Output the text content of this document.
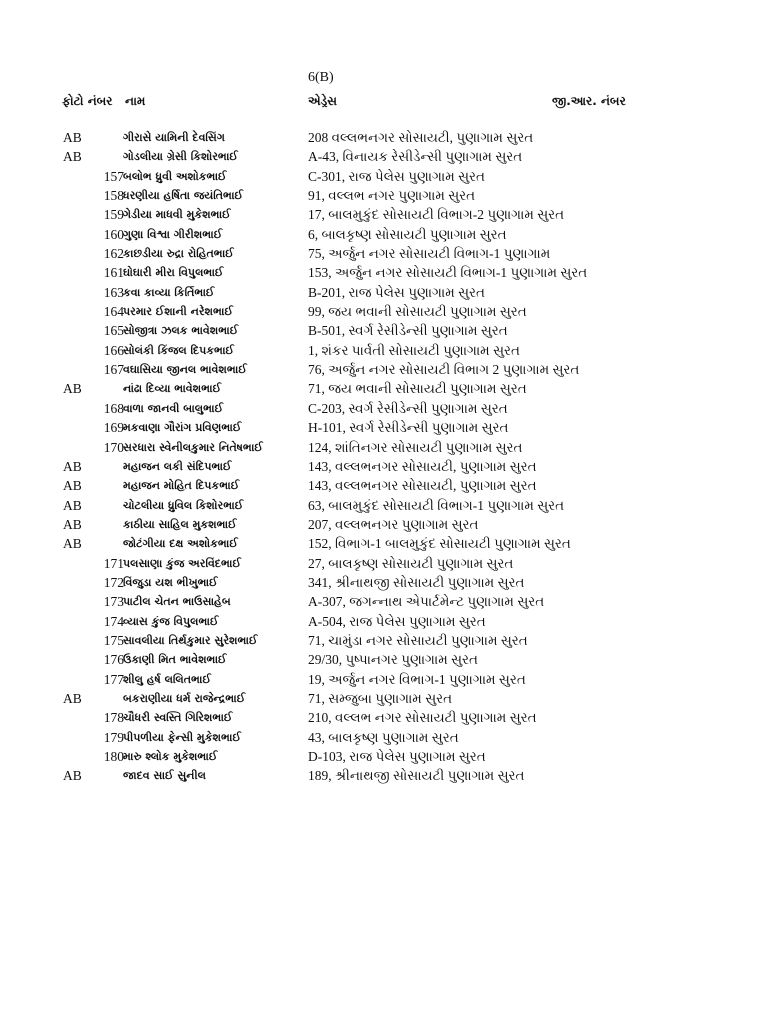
6(B)
ફોટો નંબર નામ	એડ્રેસ	જી.આર. નંબર
AB	ગીરાસે યામિની દેવસિંગ	208 વલ્લભનગર સોસાયટી, પુણાગામ સુરત
AB	ગોડલીયા ગ્રેસી કિશોરભાઈ	A-43, વિનાયક રેસીડેન્સી પુણાગામ સુરત
157 બલોભ ધ્રુવી અશોકભાઈ	C-301, રાજ પેલેસ પુણાગામ સુરત
158 ધરણીયા હર્ષિતા જયંતિભાઈ	91, વલ્લભ નગર પુણાગામ સુરત
159 ગેડીયા માધવી મુકેશભાઈ	17, બાલમુકુંદ સોસાયટી વિભાગ-2 પુણાગામ સુરત
160 ગુણા વિશ્વા ગીરીશભાઈ	6, બાલકૃષ્ણ સોસાયટી પુણાગામ સુરત
162 કાછડીયા રુદ્રા રોહિતભાઈ	75, અર્જુન નગર સોસાયટી વિભાગ-1 પુણાગામ
161 ઘોઘારી મીરા વિપુલભાઈ	153, અર્જુન નગર સોસાયટી વિભાગ-1 પુણાગામ સુરત
163 કવા કાવ્યા કિર્તિભાઈ	B-201, રાજ પેલેસ પુણાગામ સુરત
164 પરમાર ઈશાની નરેશભાઈ	99, જય ભવાની સોસાયટી પુણાગામ સુરત
165 સોજીત્રા ઝલક ભાવેશભાઈ	B-501, સ્વર્ગ રેસીડેન્સી પુણાગામ સુરત
166 સોલંકી કિંજલ દિપકભાઈ	1, શંકર પાર્વતી સોસાયટી પુણાગામ સુરત
167 વઘાસિયા જીનલ ભાવેશભાઈ	76, અર્જુન નગર સોસાયટી વિભાગ 2 પુણાગામ સુરત
AB	નાંઢા દિવ્યા ભાવેશભાઈ	71, જય ભવાની સોસાયટી પુણાગામ સુરત
168 વાળા જાનવી બાલુભાઈ	C-203, સ્વર્ગ રેસીડેન્સી પુણાગામ સુરત
169 મકવાણા ગૌરાંગ પ્રવિણભાઈ	H-101, સ્વર્ગ રેસીડેન્સી પુણાગામ સુરત
170 સરધારા સ્વેનીલકુમાર નિતેષભાઈ	124, શાંતિનગર સોસાયટી પુણાગામ સુરત
AB	મહાજન લકી સંદિપભાઈ	143, વલ્લભનગર સોસાયટી, પુણાગામ સુરત
AB	મહાજન મોહિત દિપકભાઈ	143, વલ્લભનગર સોસાયટી, પુણાગામ સુરત
AB	ચોટલીયા ધ્રુવિલ કિશોરભાઈ	63, બાલમુકુંદ સોસાયટી વિભાગ-1 પુણાગામ સુરત
AB	કાઠીયા સાહિલ મુકશભાઈ	207, વલ્લભનગર પુણાગામ સુરત
AB	જોટંગીયા દક્ષ અશોકભાઈ	152, વિભાગ-1 બાલમુકુંદ સોસાયટી પુણાગામ સુરત
171 પલસાણા કુંજ અરવિંદભાઈ	27, બાલકૃષ્ણ સોસાયટી પુણાગામ સુરત
172 વિંજુડા યશ ભીખુભાઈ	341, શ્રીનાથજી સોસાયટી પુણાગામ સુરત
173 પાટીલ ચેતન ભાઉસાહેબ	A-307, જગન્નાથ એપાર્ટમેન્ટ પુણાગામ સુરત
174 વ્યાસ કુંજ વિપુલભાઈ	A-504, રાજ પેલેસ પુણાગામ સુરત
175 સાવલીયા તિર્થકુમાર સુરેશભાઈ	71, ચામુંડા નગર સોસાયટી પુણાગામ સુરત
176 ઉકાણી મિત ભાવેશભાઈ	29/30, પુષ્પાનગર પુણાગામ સુરત
177 શીલુ હર્ષ લલિતભાઈ	19, અર્જુન નગર વિભાગ-1 પુણાગામ સુરત
AB	બકરાણીયા ધર્મ રાજેન્દ્રભાઈ	71, સમ્જુબા પુણાગામ સુરત
178 ચૌધરી સ્વસ્તિ ગિરિશભાઈ	210, વલ્લભ નગર સોસાયટી પુણાગામ સુરત
179 પીપળીયા ફેન્સી મુકેશભાઈ	43, બાલકૃષ્ણ પુણાગામ સુરત
180 મારુ શ્લોક મુકેશભાઈ	D-103, રાજ પેલેસ પુણાગામ સુરત
AB	જાદવ સાઈ સુનીલ	189, શ્રીનાથજી સોસાયટી પુણાગામ સુરત
